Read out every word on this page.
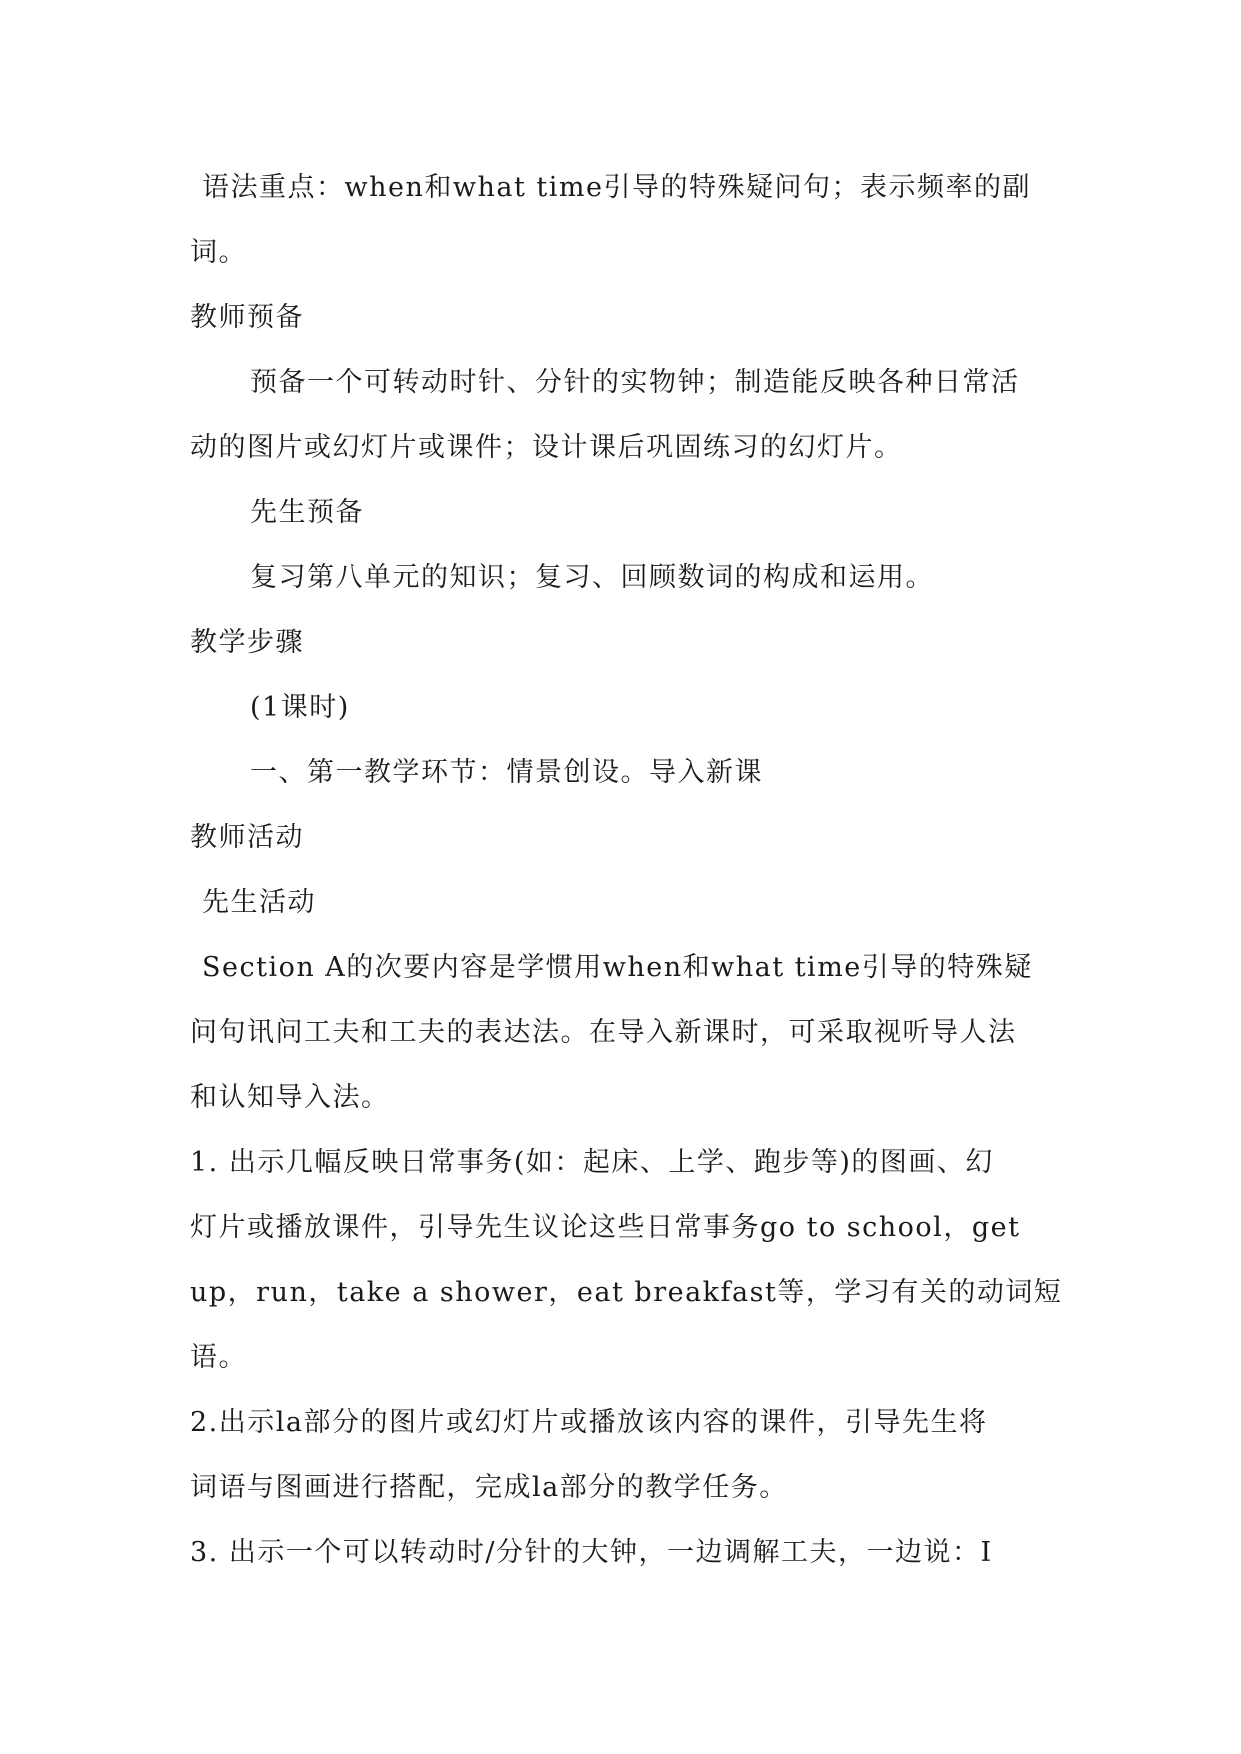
语法重点：when和what time引导的特殊疑问句；表示频率的副
词。
教师预备
预备一个可转动时针、分针的实物钟；制造能反映各种日常活
动的图片或幻灯片或课件；设计课后巩固练习的幻灯片。
先生预备
复习第八单元的知识；复习、回顾数词的构成和运用。
教学步骤
(1课时)
一、第一教学环节：情景创设。导入新课
教师活动
先生活动
Section A的次要内容是学惯用when和what time引导的特殊疑
问句讯问工夫和工夫的表达法。在导入新课时，可采取视听导人法
和认知导入法。
1. 出示几幅反映日常事务(如：起床、上学、跑步等)的图画、幻
灯片或播放课件，引导先生议论这些日常事务go to school，get
up，run，take a shower，eat breakfast等，学习有关的动词短
语。
2.出示la部分的图片或幻灯片或播放该内容的课件，引导先生将
词语与图画进行搭配，完成la部分的教学任务。
3. 出示一个可以转动时/分针的大钟，一边调解工夫，一边说：I
